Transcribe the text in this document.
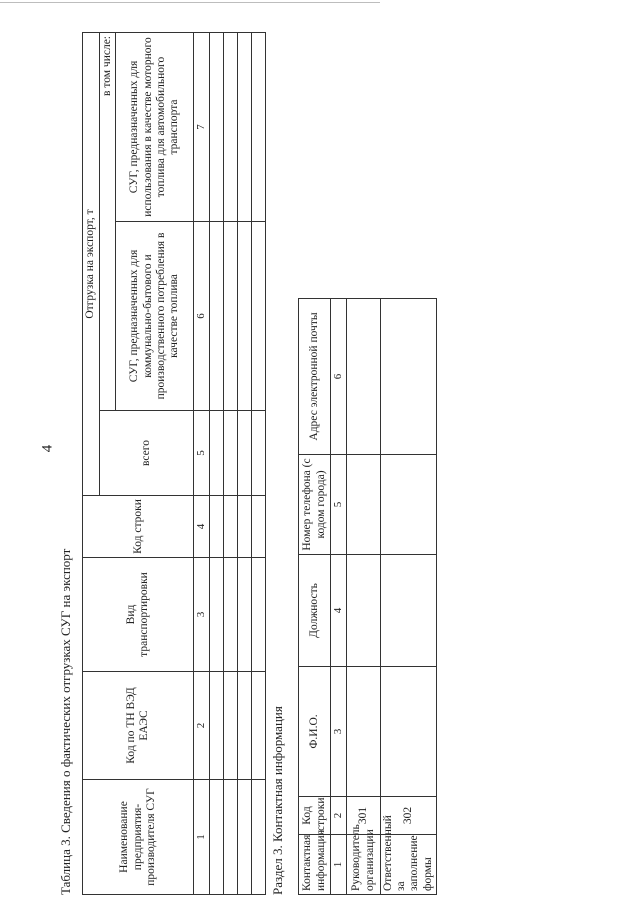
4
Таблица 3. Сведения о фактических отгрузках СУГ на экспорт	Наименование предприятия-производителя СУГ	Код по ТН ВЭД ЕАЭС	Вид транспортировки	Код строки	Отгрузка на экспорт, т		
				всего	в том числе:	
					СУГ, предназначенных для коммунально-бытового и производственного потребления в качестве топлива	СУГ, предназначенных для использования в качестве моторного топлива для автомобильного транспорта
1	2	3	4	5	6	7

Раздел 3. Контактная информация Контактная информация	Код строки	Ф.И.О.	Должность	Номер телефона (с кодом города)	Адрес электронной почты
1	2	3	4	5	6
Руководитель организации	301				
Ответственный за заполнение формы	302				
